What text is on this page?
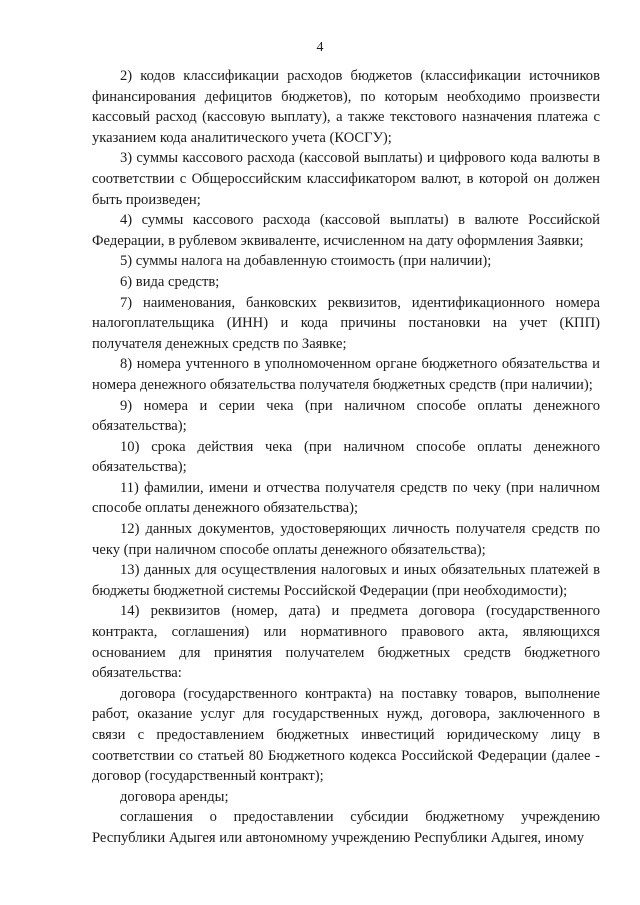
4

2) кодов классификации расходов бюджетов (классификации источников финансирования дефицитов бюджетов), по которым необходимо произвести кассовый расход (кассовую выплату), а также текстового назначения платежа с указанием кода аналитического учета (КОСГУ);

3) суммы кассового расхода (кассовой выплаты) и цифрового кода валюты в соответствии с Общероссийским классификатором валют, в которой он должен быть произведен;

4) суммы кассового расхода (кассовой выплаты) в валюте Российской Федерации, в рублевом эквиваленте, исчисленном на дату оформления Заявки;

5) суммы налога на добавленную стоимость (при наличии);

6) вида средств;

7) наименования, банковских реквизитов, идентификационного номера налогоплательщика (ИНН) и кода причины постановки на учет (КПП) получателя денежных средств по Заявке;

8) номера учтенного в уполномоченном органе бюджетного обязательства и номера денежного обязательства получателя бюджетных средств (при наличии);

9) номера и серии чека (при наличном способе оплаты денежного обязательства);

10) срока действия чека (при наличном способе оплаты денежного обязательства);

11) фамилии, имени и отчества получателя средств по чеку (при наличном способе оплаты денежного обязательства);

12) данных документов, удостоверяющих личность получателя средств по чеку (при наличном способе оплаты денежного обязательства);

13) данных для осуществления налоговых и иных обязательных платежей в бюджеты бюджетной системы Российской Федерации (при необходимости);

14) реквизитов (номер, дата) и предмета договора (государственного контракта, соглашения) или нормативного правового акта, являющихся основанием для принятия получателем бюджетных средств бюджетного обязательства:

договора (государственного контракта) на поставку товаров, выполнение работ, оказание услуг для государственных нужд, договора, заключенного в связи с предоставлением бюджетных инвестиций юридическому лицу в соответствии со статьей 80 Бюджетного кодекса Российской Федерации (далее - договор (государственный контракт);

договора аренды;

соглашения о предоставлении субсидии бюджетному учреждению Республики Адыгея или автономному учреждению Республики Адыгея, иному
